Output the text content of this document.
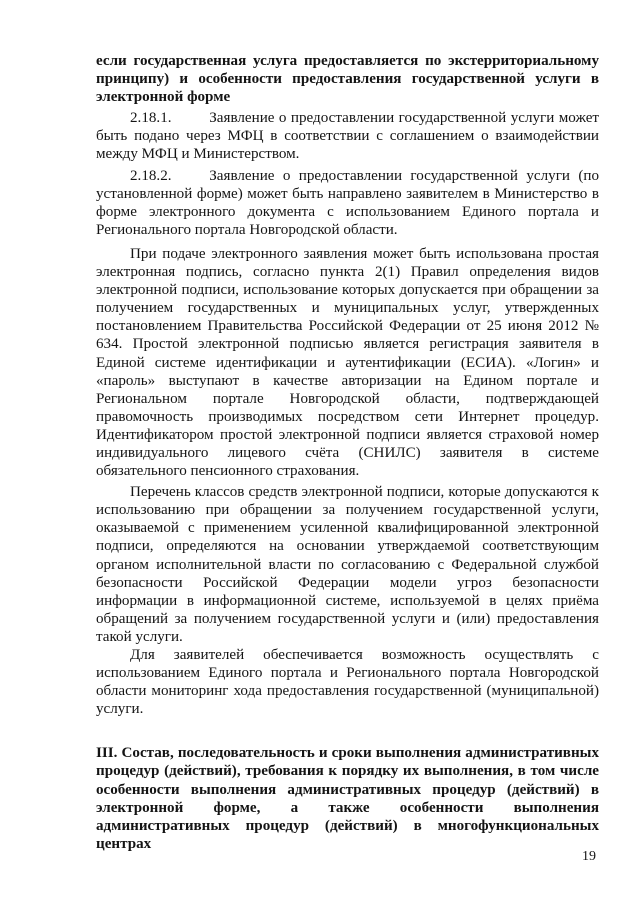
если государственная услуга предоставляется по экстерриториальному принципу) и особенности предоставления государственной услуги в электронной форме

2.18.1.    Заявление о предоставлении государственной услуги может быть подано через МФЦ в соответствии с соглашением о взаимодействии между МФЦ и Министерством.

2.18.2.    Заявление о предоставлении государственной услуги (по установленной форме) может быть направлено заявителем в Министерство в форме электронного документа с использованием Единого портала и Регионального портала Новгородской области.

При подаче электронного заявления может быть использована простая электронная подпись, согласно пункта 2(1) Правил определения видов электронной подписи, использование которых допускается при обращении за получением государственных и муниципальных услуг, утвержденных постановлением Правительства Российской Федерации от 25 июня 2012 № 634. Простой электронной подписью является регистрация заявителя в Единой системе идентификации и аутентификации (ЕСИА). «Логин» и «пароль» выступают в качестве авторизации на Едином портале и Региональном портале Новгородской области, подтверждающей правомочность производимых посредством сети Интернет процедур. Идентификатором простой электронной подписи является страховой номер индивидуального лицевого счёта (СНИЛС) заявителя в системе обязательного пенсионного страхования.

Перечень классов средств электронной подписи, которые допускаются к использованию при обращении за получением государственной услуги, оказываемой с применением усиленной квалифицированной электронной подписи, определяются на основании утверждаемой соответствующим органом исполнительной власти по согласованию с Федеральной службой безопасности Российской Федерации модели угроз безопасности информации в информационной системе, используемой в целях приёма обращений за получением государственной услуги и (или) предоставления такой услуги.

Для заявителей обеспечивается возможность осуществлять с использованием Единого портала и Регионального портала Новгородской области мониторинг хода предоставления государственной (муниципальной) услуги.

III. Состав, последовательность и сроки выполнения административных процедур (действий), требования к порядку их выполнения, в том числе особенности выполнения административных процедур (действий) в электронной форме, а также особенности выполнения административных процедур (действий) в многофункциональных центрах

19
